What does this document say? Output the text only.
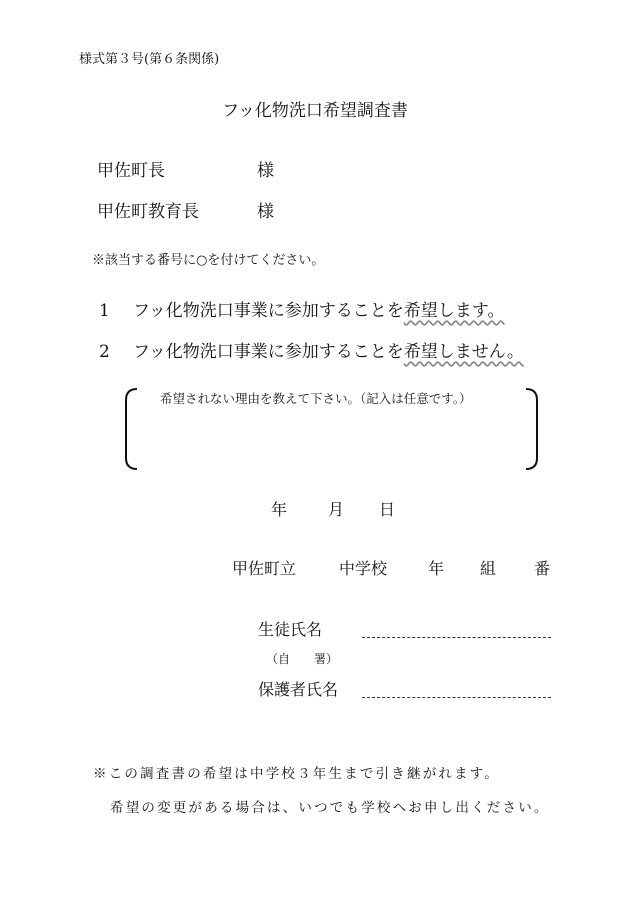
様式第３号(第６条関係)
フッ化物洗口希望調査書
甲佐町長	様
甲佐町教育長	様
※該当する番号に○を付けてください。
1 フッ化物洗口事業に参加することを希望します。
2 フッ化物洗口事業に参加することを希望しません。
希望されない理由を教えて下さい。（記入は任意です。）
年	月 日
甲佐町立	中学校	年 組 番
生徒氏名
（自　　署）
保護者氏名
※この調査書の希望は中学校３年生まで引き継がれます。
希望の変更がある場合は、いつでも学校へお申し出ください。
